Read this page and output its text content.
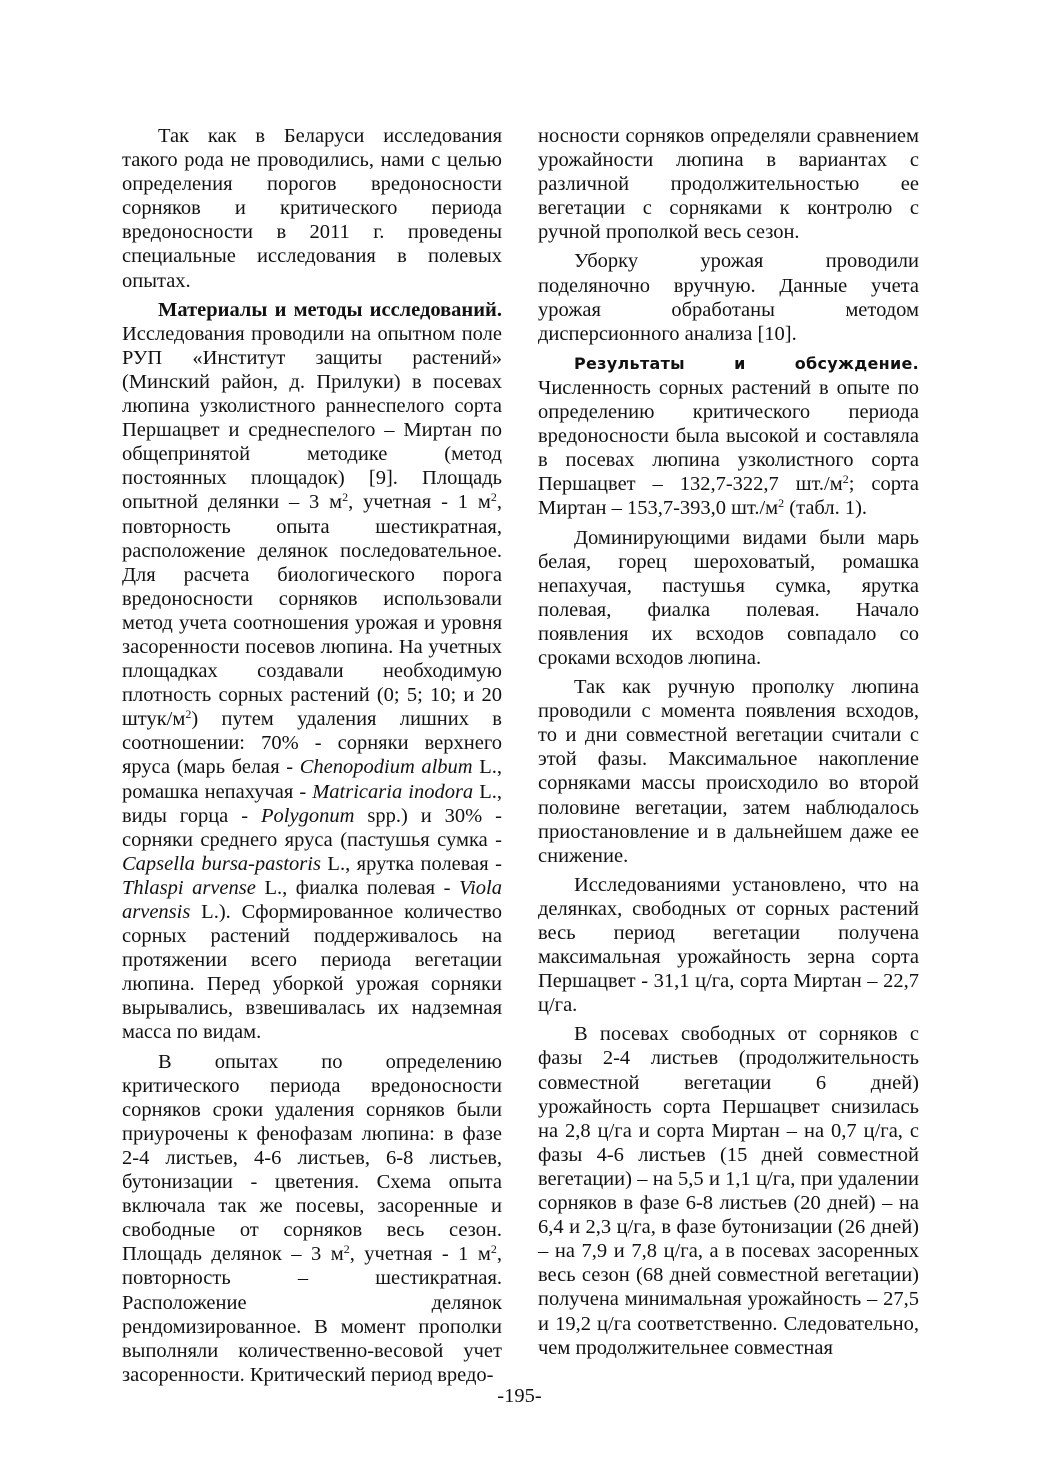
Так как в Беларуси исследования такого рода не проводились, нами с целью определения порогов вредоносности сорняков и критического периода вредоносности в 2011 г. проведены специальные исследования в полевых опытах.

Материалы и методы исследований. Исследования проводили на опытном поле РУП «Институт защиты растений» (Минский район, д. Прилуки) в посевах люпина узколистного раннеспелого сорта Першацвет и среднеспелого – Миртан по общепринятой методике (метод постоянных площадок) [9]. Площадь опытной делянки – 3 $м^2$, учетная - 1 $м^2$, повторность опыта шестикратная, расположение делянок последовательное. Для расчета биологического порога вредоносности сорняков использовали метод учета соотношения урожая и уровня засоренности посевов люпина. На учетных площадках создавали необходимую плотность сорных растений (0; 5; 10; и 20 штук/$м^2$) путем удаления лишних в соотношении: 70% - сорняки верхнего яруса (марь белая - Chenopodium album L., ромашка непахучая - Matricaria inodora L., виды горца - Polygonum spp.) и 30% - сорняки среднего яруса (пастушья сумка - Capsella bursa-pastoris L., ярутка полевая - Thlaspi arvense L., фиалка полевая - Viola arvensis L.). Сформированное количество сорных растений поддерживалось на протяжении всего периода вегетации люпина. Перед уборкой урожая сорняки вырывались, взвешивалась их надземная масса по видам.

В опытах по определению критического периода вредоносности сорняков сроки удаления сорняков были приурочены к фенофазам люпина: в фазе 2-4 листьев, 4-6 листьев, 6-8 листьев, бутонизации - цветения. Схема опыта включала так же посевы, засоренные и свободные от сорняков весь сезон. Площадь делянок – 3 $м^2$, учетная - 1 $м^2$, повторность – шестикратная. Расположение делянок рендомизированное. В момент прополки выполняли количественно-весовой учет засоренности. Критический период вредо-

носности сорняков определяли сравнением урожайности люпина в вариантах с различной продолжительностью ее вегетации с сорняками к контролю с ручной прополкой весь сезон.

Уборку урожая проводили поделяночно вручную. Данные учета урожая обработаны методом дисперсионного анализа [10].

Результаты и обсуждение. Численность сорных растений в опыте по определению критического периода вредоносности была высокой и составляла в посевах люпина узколистного сорта Першацвет – 132,7-322,7 $шт./м^2$; сорта Миртан – 153,7-393,0 $шт./м^2$ (табл. 1).

Доминирующими видами были марь белая, горец шероховатый, ромашка непахучая, пастушья сумка, ярутка полевая, фиалка полевая. Начало появления их всходов совпадало со сроками всходов люпина.

Так как ручную прополку люпина проводили с момента появления всходов, то и дни совместной вегетации считали с этой фазы. Максимальное накопление сорняками массы происходило во второй половине вегетации, затем наблюдалось приостановление и в дальнейшем даже ее снижение.

Исследованиями установлено, что на делянках, свободных от сорных растений весь период вегетации получена максимальная урожайность зерна сорта Першацвет - 31,1 ц/га, сорта Миртан – 22,7 ц/га.

В посевах свободных от сорняков с фазы 2-4 листьев (продолжительность совместной вегетации 6 дней) урожайность сорта Першацвет снизилась на 2,8 ц/га и сорта Миртан – на 0,7 ц/га, с фазы 4-6 листьев (15 дней совместной вегетации) – на 5,5 и 1,1 ц/га, при удалении сорняков в фазе 6-8 листьев (20 дней) – на 6,4 и 2,3 ц/га, в фазе бутонизации (26 дней) – на 7,9 и 7,8 ц/га, а в посевах засоренных весь сезон (68 дней совместной вегетации) получена минимальная урожайность – 27,5 и 19,2 ц/га соответственно. Следовательно, чем продолжительнее совместная

-195-
